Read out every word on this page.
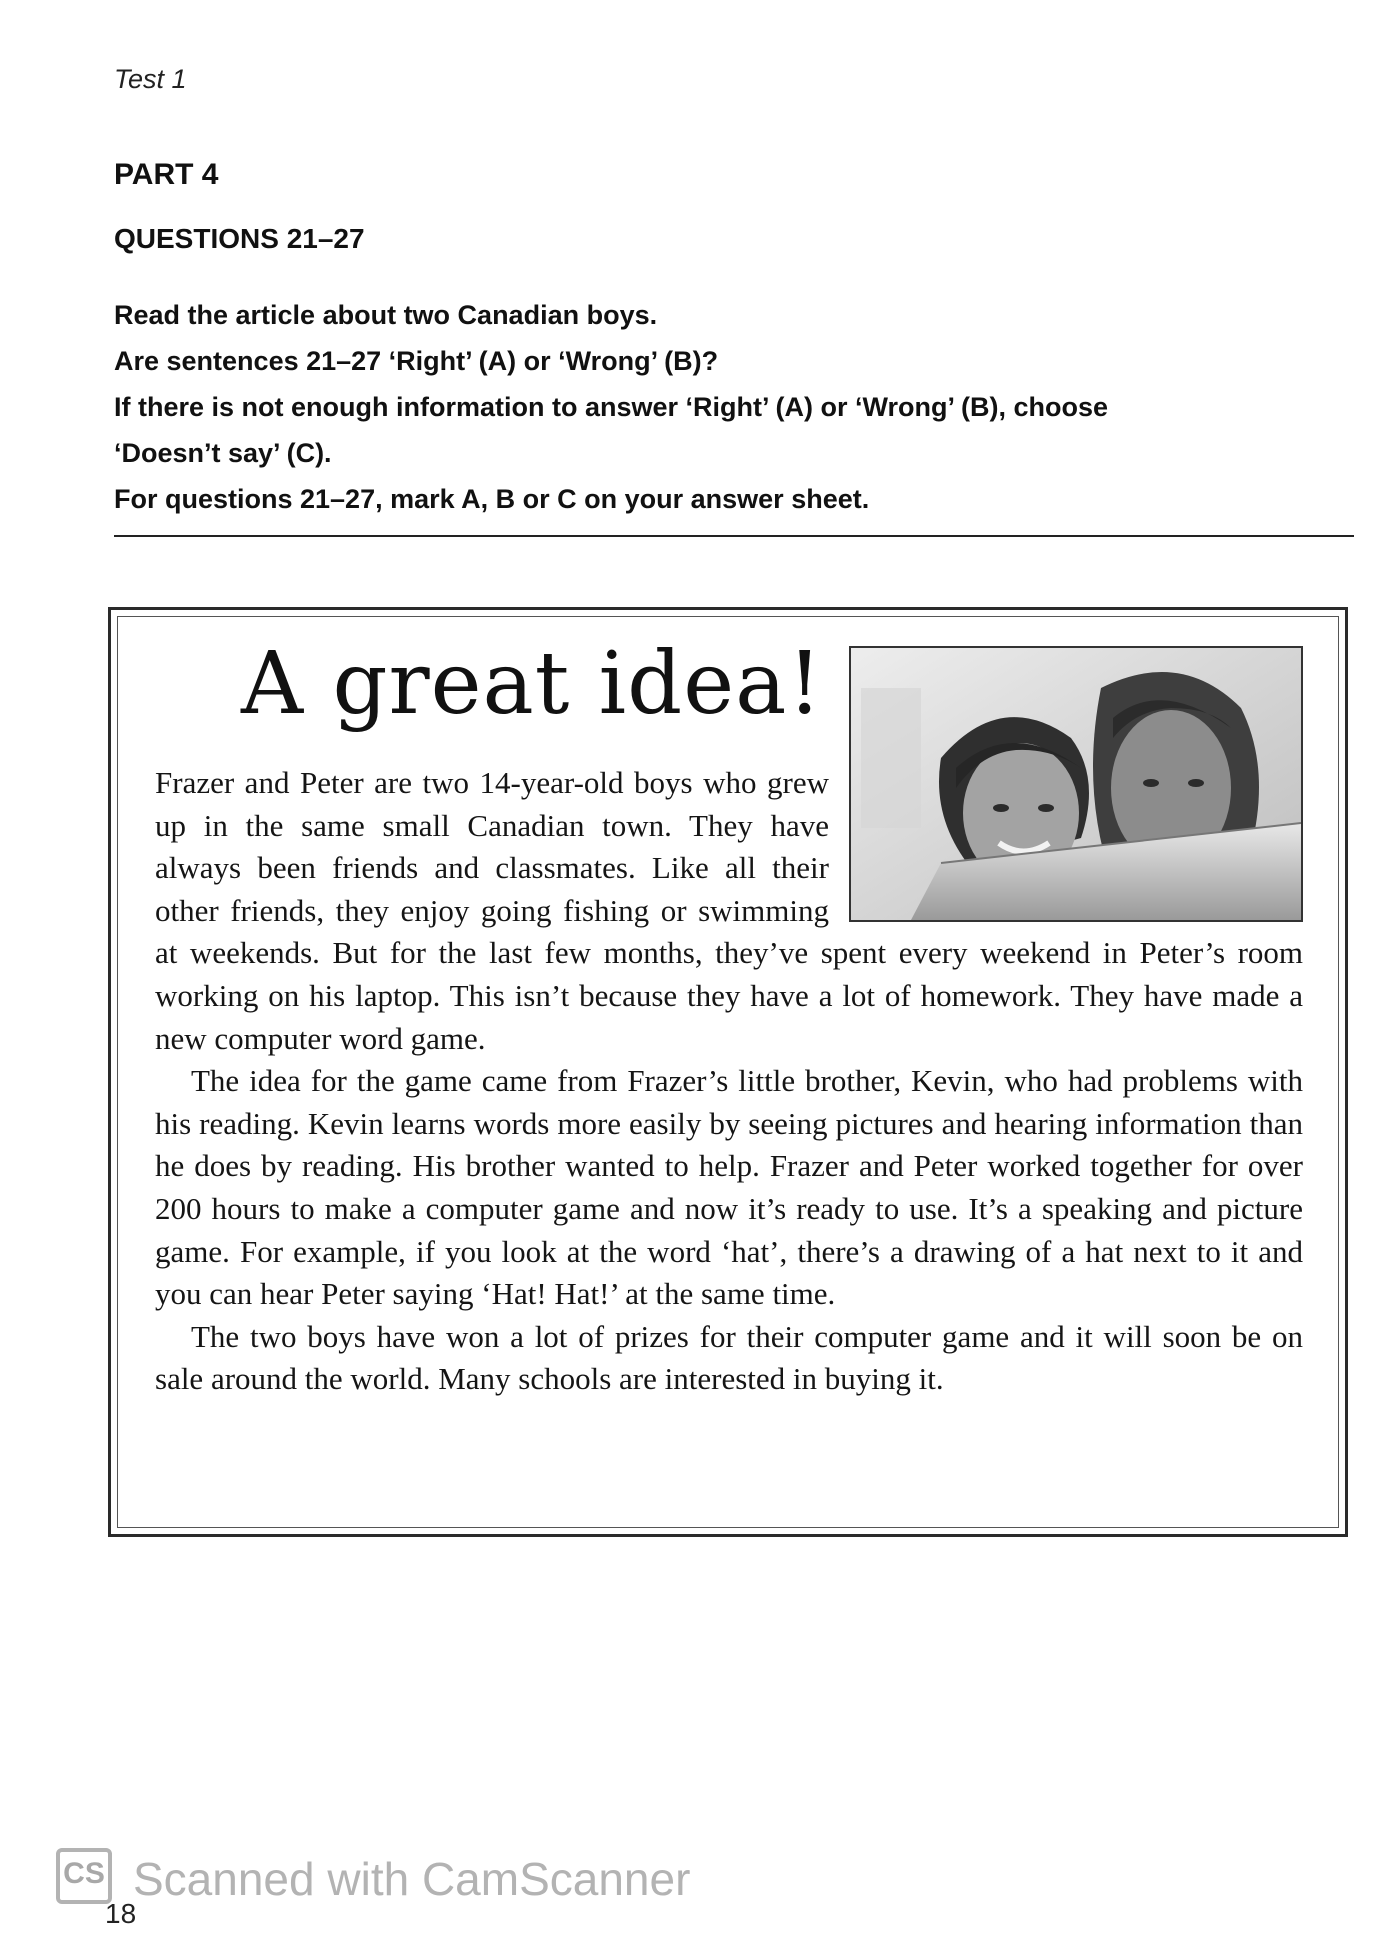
Test 1
PART 4
QUESTIONS 21–27
Read the article about two Canadian boys.
Are sentences 21–27 ‘Right’ (A) or ‘Wrong’ (B)?
If there is not enough information to answer ‘Right’ (A) or ‘Wrong’ (B), choose
‘Doesn’t say’ (C).
For questions 21–27, mark A, B or C on your answer sheet.
A great idea!

Frazer and Peter are two 14-year-old boys who grew up in the same small Canadian town. They have always been friends and classmates. Like all their other friends, they enjoy going fishing or swimming at weekends. But for the last few months, they’ve spent every weekend in Peter’s room working on his laptop. This isn’t because they have a lot of homework. They have made a new computer word game.

The idea for the game came from Frazer’s little brother, Kevin, who had problems with his reading. Kevin learns words more easily by seeing pictures and hearing information than he does by reading. His brother wanted to help. Frazer and Peter worked together for over 200 hours to make a computer game and now it’s ready to use. It’s a speaking and picture game. For example, if you look at the word ‘hat’, there’s a drawing of a hat next to it and you can hear Peter saying ‘Hat! Hat!’ at the same time.

The two boys have won a lot of prizes for their computer game and it will soon be on sale around the world. Many schools are interested in buying it.

CS Scanned with CamScanner
18
